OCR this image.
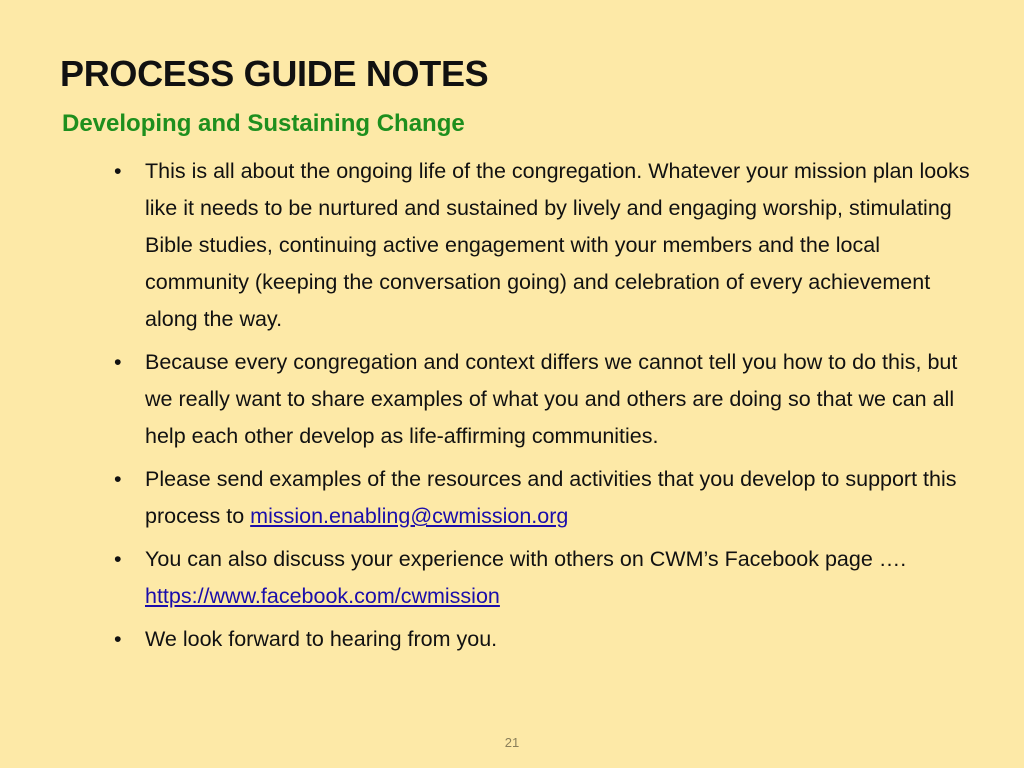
PROCESS GUIDE NOTES
Developing and Sustaining Change
•	This is all about the ongoing life of the congregation. Whatever your mission plan looks like it needs to be nurtured and sustained by lively and engaging worship, stimulating Bible studies, continuing active engagement with your members and the local community (keeping the conversation going) and celebration of every achievement along the way.
•	Because every congregation and context differs we cannot tell you how to do this, but we really want to share examples of what you and others are doing so that we can all help each other develop as life-affirming communities.
•	Please send examples of the resources and activities that you develop to support this process to mission.enabling@cwmission.org
•	You can also discuss your experience with others on CWM’s Facebook page …. https://www.facebook.com/cwmission
•	We look forward to hearing from you.
21
